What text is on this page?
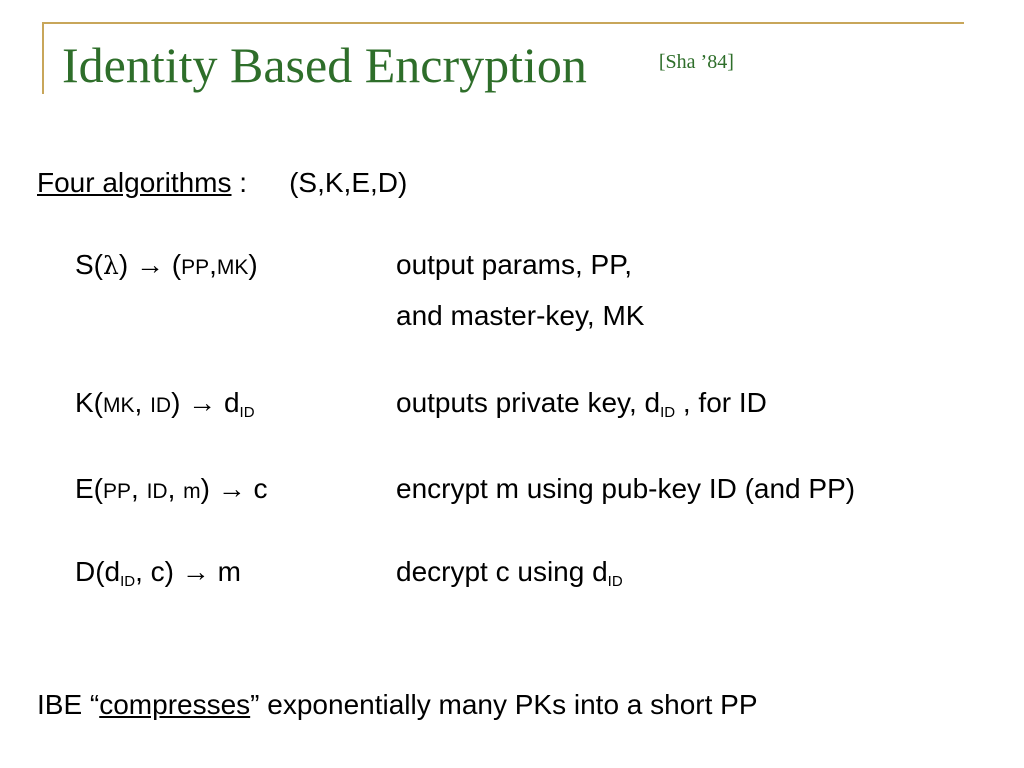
Identity Based Encryption	[Sha ’84]
Four algorithms : (S,K,E,D)
S(λ) → (PP,MK)	output params, PP,
and master-key, MK
K(MK, $ID) \to d_{ID}$	outputs private key, $d_{ID}$ , for ID
E(PP, ID, m) → c	encrypt m using pub-key ID (and PP)
$D(d_{ID}$, c) → m	decrypt c using $d_{ID}$
IBE “compresses” exponentially many PKs into a short PP
